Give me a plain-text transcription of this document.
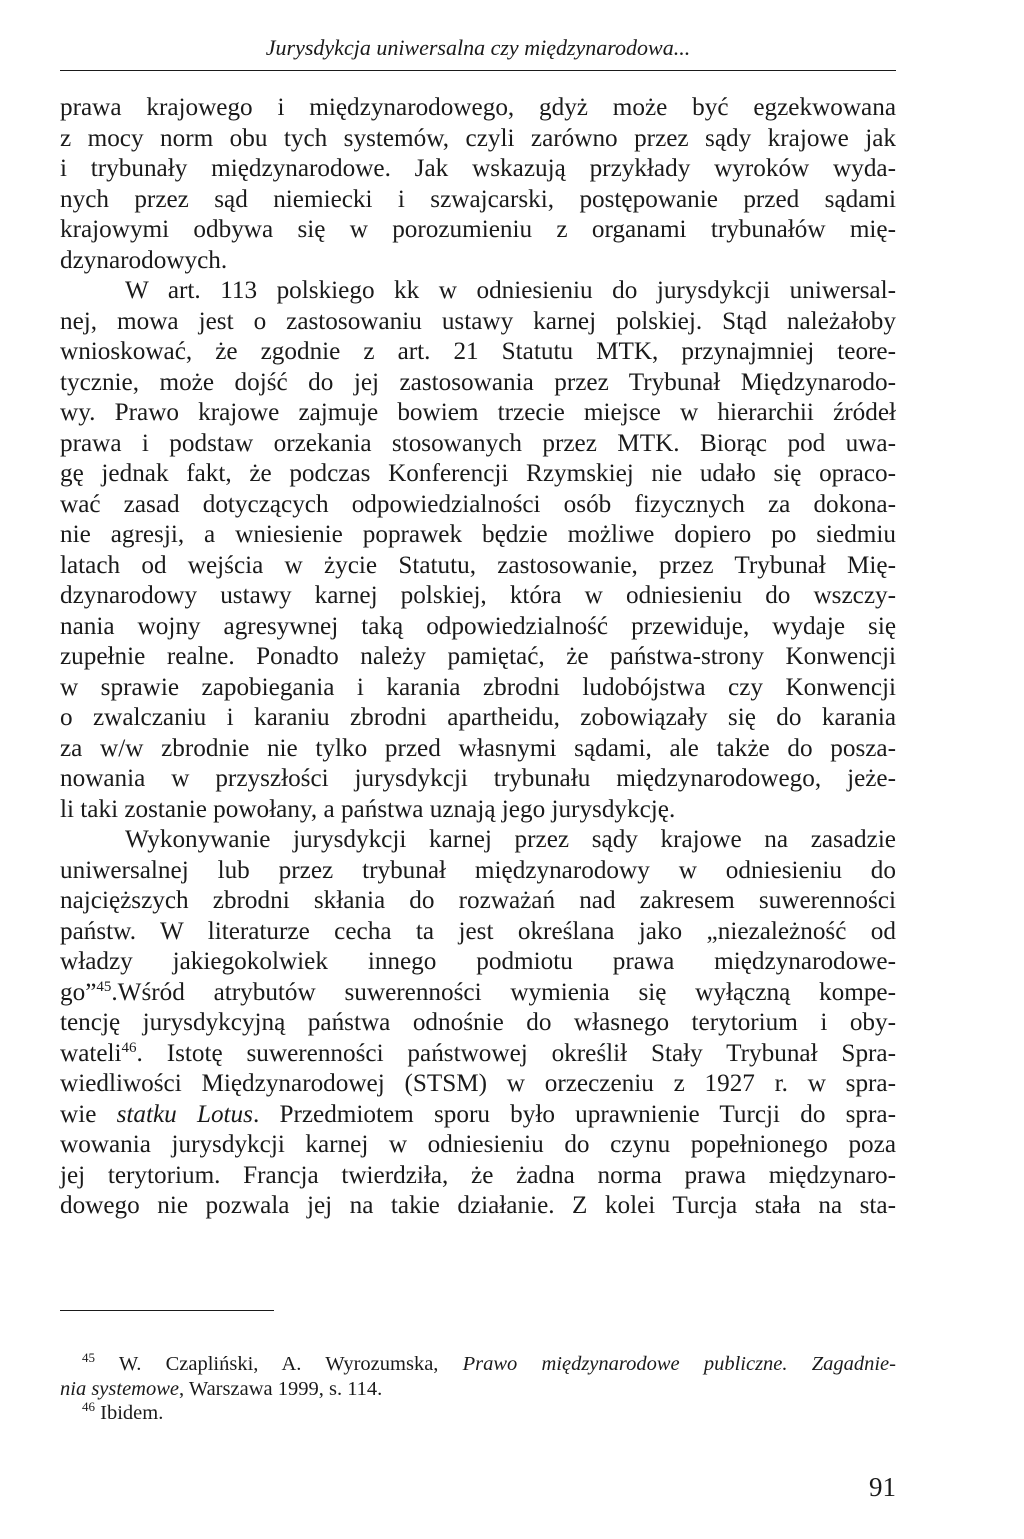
Jurysdykcja uniwersalna czy międzynarodowa...
prawa krajowego i międzynarodowego, gdyż może być egzekwowana
z mocy norm obu tych systemów, czyli zarówno przez sądy krajowe jak
i trybunały międzynarodowe. Jak wskazują przykłady wyroków wyda-
nych przez sąd niemiecki i szwajcarski, postępowanie przed sądami
krajowymi odbywa się w porozumieniu z organami trybunałów mię-
dzynarodowych.
W art. 113 polskiego kk w odniesieniu do jurysdykcji uniwersal-
nej, mowa jest o zastosowaniu ustawy karnej polskiej. Stąd należałoby
wnioskować, że zgodnie z art. 21 Statutu MTK, przynajmniej teore-
tycznie, może dojść do jej zastosowania przez Trybunał Międzynarodo-
wy. Prawo krajowe zajmuje bowiem trzecie miejsce w hierarchii źródeł
prawa i podstaw orzekania stosowanych przez MTK. Biorąc pod uwa-
gę jednak fakt, że podczas Konferencji Rzymskiej nie udało się opraco-
wać zasad dotyczących odpowiedzialności osób fizycznych za dokona-
nie agresji, a wniesienie poprawek będzie możliwe dopiero po siedmiu
latach od wejścia w życie Statutu, zastosowanie, przez Trybunał Mię-
dzynarodowy ustawy karnej polskiej, która w odniesieniu do wszczy-
nania wojny agresywnej taką odpowiedzialność przewiduje, wydaje się
zupełnie realne. Ponadto należy pamiętać, że państwa-strony Konwencji
w sprawie zapobiegania i karania zbrodni ludobójstwa czy Konwencji
o zwalczaniu i karaniu zbrodni apartheidu, zobowiązały się do karania
za w/w zbrodnie nie tylko przed własnymi sądami, ale także do posza-
nowania w przyszłości jurysdykcji trybunału międzynarodowego, jeże-
li taki zostanie powołany, a państwa uznają jego jurysdykcję.
Wykonywanie jurysdykcji karnej przez sądy krajowe na zasadzie
uniwersalnej lub przez trybunał międzynarodowy w odniesieniu do
najcięższych zbrodni skłania do rozważań nad zakresem suwerenności
państw. W literaturze cecha ta jest określana jako „niezależność od
władzy jakiegokolwiek innego podmiotu prawa międzynarodowe-
go”$^{45}$.Wśród atrybutów suwerenności wymienia się wyłączną kompe-
tencję jurysdykcyjną państwa odnośnie do własnego terytorium i oby-
wateli$^{46}$. Istotę suwerenności państwowej określił Stały Trybunał Spra-
wiedliwości Międzynarodowej (STSM) w orzeczeniu z 1927 r. w spra-
wie statku Lotus. Przedmiotem sporu było uprawnienie Turcji do spra-
wowania jurysdykcji karnej w odniesieniu do czynu popełnionego poza
jej terytorium. Francja twierdziła, że żadna norma prawa międzynaro-
dowego nie pozwala jej na takie działanie. Z kolei Turcja stała na sta-
$^{45}$ W. Czapliński, A. Wyrozumska, Prawo międzynarodowe publiczne. Zagadnie-
nia systemowe, Warszawa 1999, s. 114.
$^{46}$ Ibidem.
91
